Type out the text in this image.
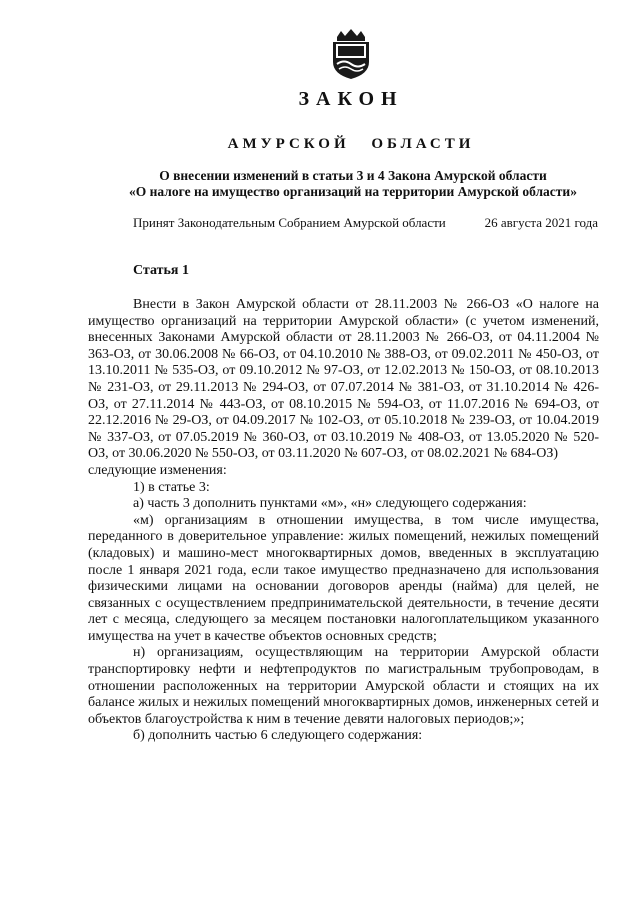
ЗАКОН
АМУРСКОЙ ОБЛАСТИ
О внесении изменений в статьи 3 и 4 Закона Амурской области
«О налоге на имущество организаций на территории Амурской области»
Принят Законодательным Собранием Амурской области	26 августа 2021 года
Статья 1

Внести в Закон Амурской области от 28.11.2003 № 266-ОЗ «О налоге на имущество организаций на территории Амурской области» (с учетом изменений, внесенных Законами Амурской области от 28.11.2003 № 266-ОЗ, от 04.11.2004 № 363-ОЗ, от 30.06.2008 № 66-ОЗ, от 04.10.2010 № 388-ОЗ, от 09.02.2011 № 450-ОЗ, от 13.10.2011 № 535-ОЗ, от 09.10.2012 № 97-ОЗ, от 12.02.2013 № 150-ОЗ, от 08.10.2013 № 231-ОЗ, от 29.11.2013 № 294-ОЗ, от 07.07.2014 № 381-ОЗ, от 31.10.2014 № 426-ОЗ, от 27.11.2014 № 443-ОЗ, от 08.10.2015 № 594-ОЗ, от 11.07.2016 № 694-ОЗ, от 22.12.2016 № 29-ОЗ, от 04.09.2017 № 102-ОЗ, от 05.10.2018 № 239-ОЗ, от 10.04.2019 № 337-ОЗ, от 07.05.2019 № 360-ОЗ, от 03.10.2019 № 408-ОЗ, от 13.05.2020 № 520-ОЗ, от 30.06.2020 № 550-ОЗ, от 03.11.2020 № 607-ОЗ, от 08.02.2021 № 684-ОЗ)

следующие изменения:

1) в статье 3:

а) часть 3 дополнить пунктами «м», «н» следующего содержания:

«м) организациям в отношении имущества, в том числе имущества, переданного в доверительное управление: жилых помещений, нежилых помещений (кладовых) и машино-мест многоквартирных домов, введенных в эксплуатацию после 1 января 2021 года, если такое имущество предназначено для использования физическими лицами на основании договоров аренды (найма) для целей, не связанных с осуществлением предпринимательской деятельности, в течение десяти лет с месяца, следующего за месяцем постановки налогоплательщиком указанного имущества на учет в качестве объектов основных средств;

н) организациям, осуществляющим на территории Амурской области транспортировку нефти и нефтепродуктов по магистральным трубопроводам, в отношении расположенных на территории Амурской области и стоящих на их балансе жилых и нежилых помещений многоквартирных домов, инженерных сетей и объектов благоустройства к ним в течение девяти налоговых периодов;»;

б) дополнить частью 6 следующего содержания:
